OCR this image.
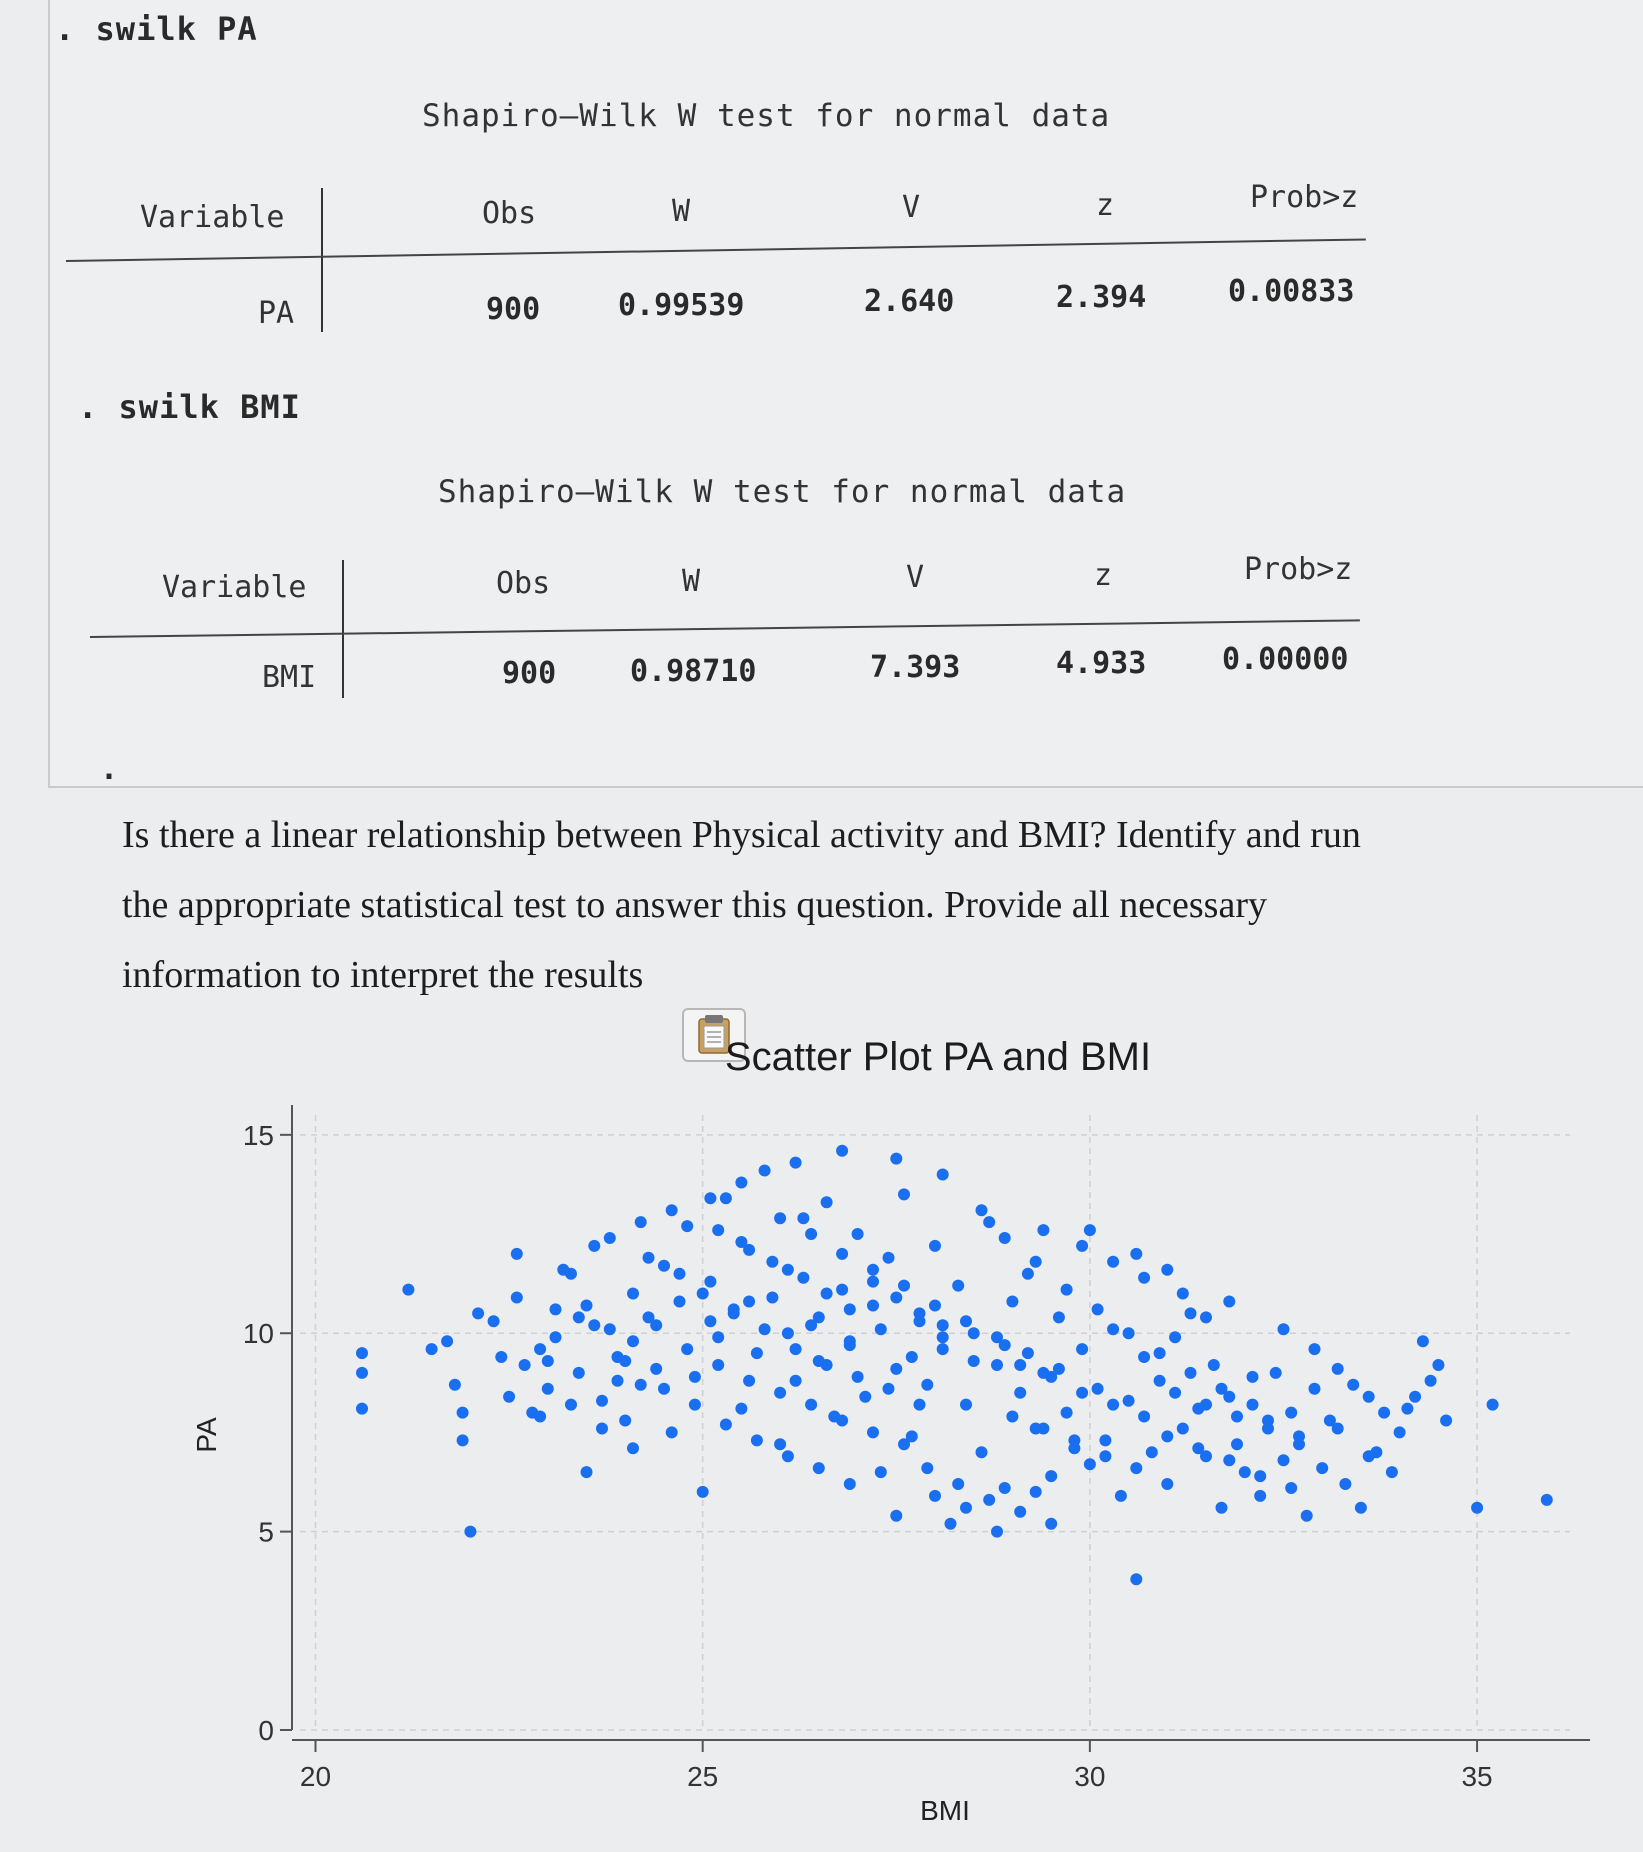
. swilk PA
Shapiro–Wilk W test for normal data
Variable	Obs	W	V	z	Prob>z
PA	900	0.99539	2.640	2.394	0.00833
. swilk BMI
Shapiro–Wilk W test for normal data
Variable	Obs	W	V	z	Prob>z
BMI	900 0.98710	7.393	4.933	0.00000
.
Is there a linear relationship between Physical activity and BMI? Identify and run
the appropriate statistical test to answer this question. Provide all necessary
information to interpret the results
0
5
10
15
20	25	30	35
Scatter Plot PA and BMI
BMI
PA
